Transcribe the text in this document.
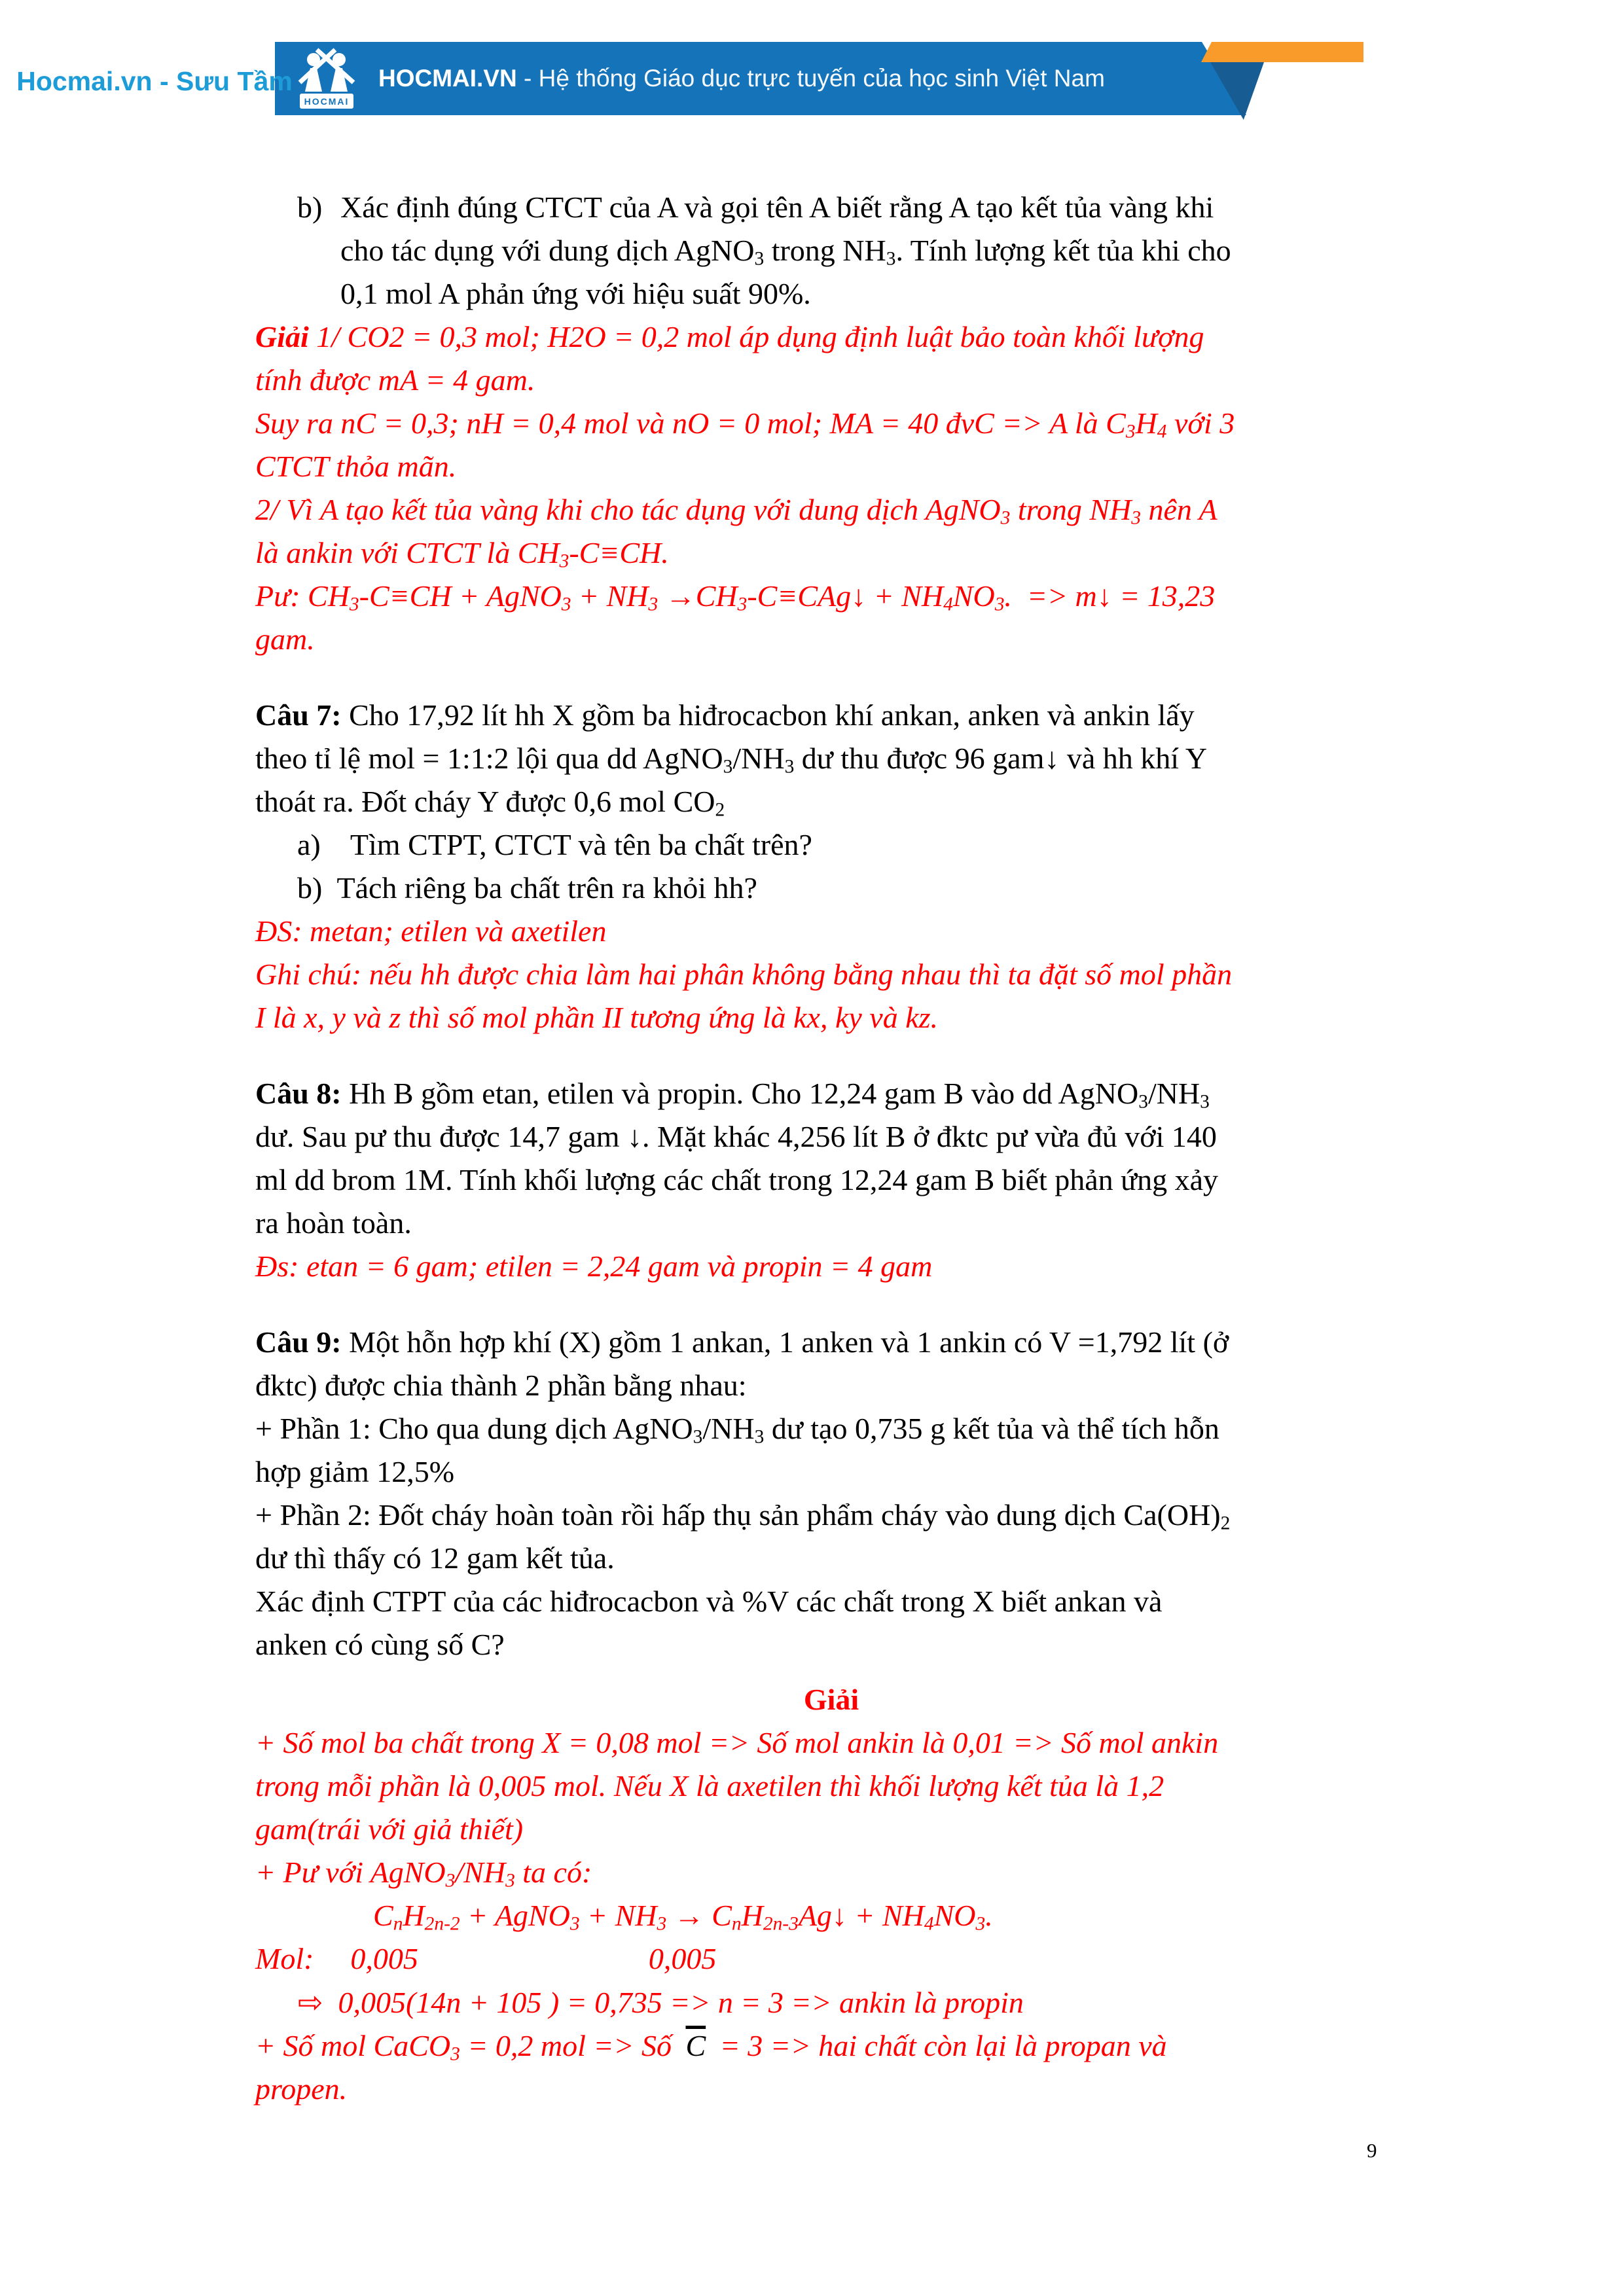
Hocmai.vn - Sưu Tầm
HOCMAI
HOCMAI.VN - Hệ thống Giáo dục trực tuyến của học sinh Việt Nam

b) Xác định đúng CTCT của A và gọi tên A biết rằng A tạo kết tủa vàng khi
cho tác dụng với dung dịch AgNO$_3$ trong $NH_3$. Tính lượng kết tủa khi cho
0,1 mol A phản ứng với hiệu suất 90%.

Giải 1/ CO2 = 0,3 mol; H2O = 0,2 mol áp dụng định luật bảo toàn khối lượng
tính được mA = 4 gam.

Suy ra nC = 0,3; nH = 0,4 mol và nO = 0 mol; MA = 40 đvC => A là $C_3H_4$ với 3
CTCT thỏa mãn.

2/ Vì A tạo kết tủa vàng khi cho tác dụng với dung dịch AgNO$_3$ trong $NH_3$ nên A
là ankin với CTCT là $CH_3-C\equiv CH$.

Pư: $CH_3-C\equiv CH$ + AgNO$_3$ + $NH_3$ $\to CH_3-C\equiv CAg↓ + NH_4NO_3$.  => m↓ = 13,23
gam.

Câu 7: Cho 17,92 lít hh X gồm ba hiđrocacbon khí ankan, anken và ankin lấy
theo tỉ lệ mol = 1:1:2 lội qua dd $AgNO_3/NH_3$ dư thu được 96 gam↓ và hh khí Y
thoát ra. Đốt cháy Y được 0,6 mol $CO_2$

a)    Tìm CTPT, CTCT và tên ba chất trên?

b)  Tách riêng ba chất trên ra khỏi hh?

ĐS: metan; etilen và axetilen

Ghi chú: nếu hh được chia làm hai phân không bằng nhau thì ta đặt số mol phần
I là x, y và z thì số mol phần II tương ứng là kx, ky và kz.

Câu 8: Hh B gồm etan, etilen và propin. Cho 12,24 gam B vào dd $AgNO_3/NH_3$
dư. Sau pư thu được 14,7 gam ↓. Mặt khác 4,256 lít B ở đktc pư vừa đủ với 140
ml dd brom 1M. Tính khối lượng các chất trong 12,24 gam B biết phản ứng xảy
ra hoàn toàn.

Đs: etan = 6 gam; etilen = 2,24 gam và propin = 4 gam

Câu 9: Một hỗn hợp khí (X) gồm 1 ankan, 1 anken và 1 ankin có V =1,792 lít (ở
đktc) được chia thành 2 phần bằng nhau:

+ Phần 1: Cho qua dung dịch $AgNO_3/NH_3$ dư tạo 0,735 g kết tủa và thể tích hỗn
hợp giảm 12,5%

+ Phần 2: Đốt cháy hoàn toàn rồi hấp thụ sản phẩm cháy vào dung dịch $Ca(OH)_2$
dư thì thấy có 12 gam kết tủa.

Xác định CTPT của các hiđrocacbon và %V các chất trong X biết ankan và
anken có cùng số C?

Giải

+ Số mol ba chất trong X = 0,08 mol => Số mol ankin là 0,01 => Số mol ankin
trong mỗi phần là 0,005 mol. Nếu X là axetilen thì khối lượng kết tủa là 1,2
gam(trái với giả thiết)

+ Pư với $AgNO_3/NH_3$ ta có:

$C_nH_{2n-2}$ + AgNO$_3$ + $NH_3$ → $C_nH_{2n-3}Ag↓ + NH_4NO_3$.

Mol: 0,005	0,005

⇨  0,005(14n + 105 ) = 0,735 => n = 3 => ankin là propin

+ Số mol CaCO$_3$ = 0,2 mol => Số $\overline{C} = 3$ => hai chất còn lại là propan và
propen.

9
